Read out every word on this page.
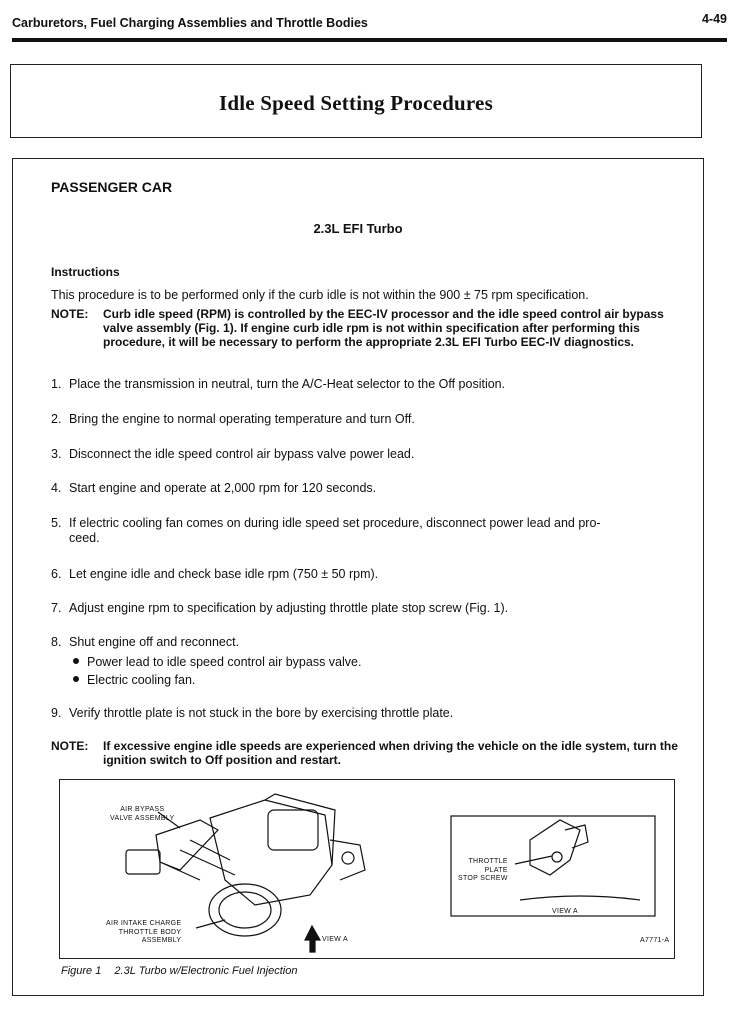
Carburetors, Fuel Charging Assemblies and Throttle Bodies	4-49
Idle Speed Setting Procedures
PASSENGER CAR
2.3L EFI Turbo
Instructions
This procedure is to be performed only if the curb idle is not within the 900 ± 75 rpm specification.
NOTE:	Curb idle speed (RPM) is controlled by the EEC-IV processor and the idle speed control air bypass valve assembly (Fig. 1). If engine curb idle rpm is not within specification after performing this procedure, it will be necessary to perform the appropriate 2.3L EFI Turbo EEC-IV diagnostics.
1. Place the transmission in neutral, turn the A/C-Heat selector to the Off position.
2. Bring the engine to normal operating temperature and turn Off.
3. Disconnect the idle speed control air bypass valve power lead.
4. Start engine and operate at 2,000 rpm for 120 seconds.
5. If electric cooling fan comes on during idle speed set procedure, disconnect power lead and pro-
ceed.
6. Let engine idle and check base idle rpm (750 ± 50 rpm).
7. Adjust engine rpm to specification by adjusting throttle plate stop screw (Fig. 1).
8. Shut engine off and reconnect.
Power lead to idle speed control air bypass valve.
Electric cooling fan.
9. Verify throttle plate is not stuck in the bore by exercising throttle plate.
NOTE:	If excessive engine idle speeds are experienced when driving the vehicle on the idle system, turn the ignition switch to Off position and restart.
AIR BYPASS
VALVE ASSEMBLY
AIR INTAKE CHARGE
THROTTLE BODY
ASSEMBLY	VIEW A
THROTTLE
PLATE
STOP SCREW
VIEW A
A7771-A
Figure 1 2.3L Turbo w/Electronic Fuel Injection
